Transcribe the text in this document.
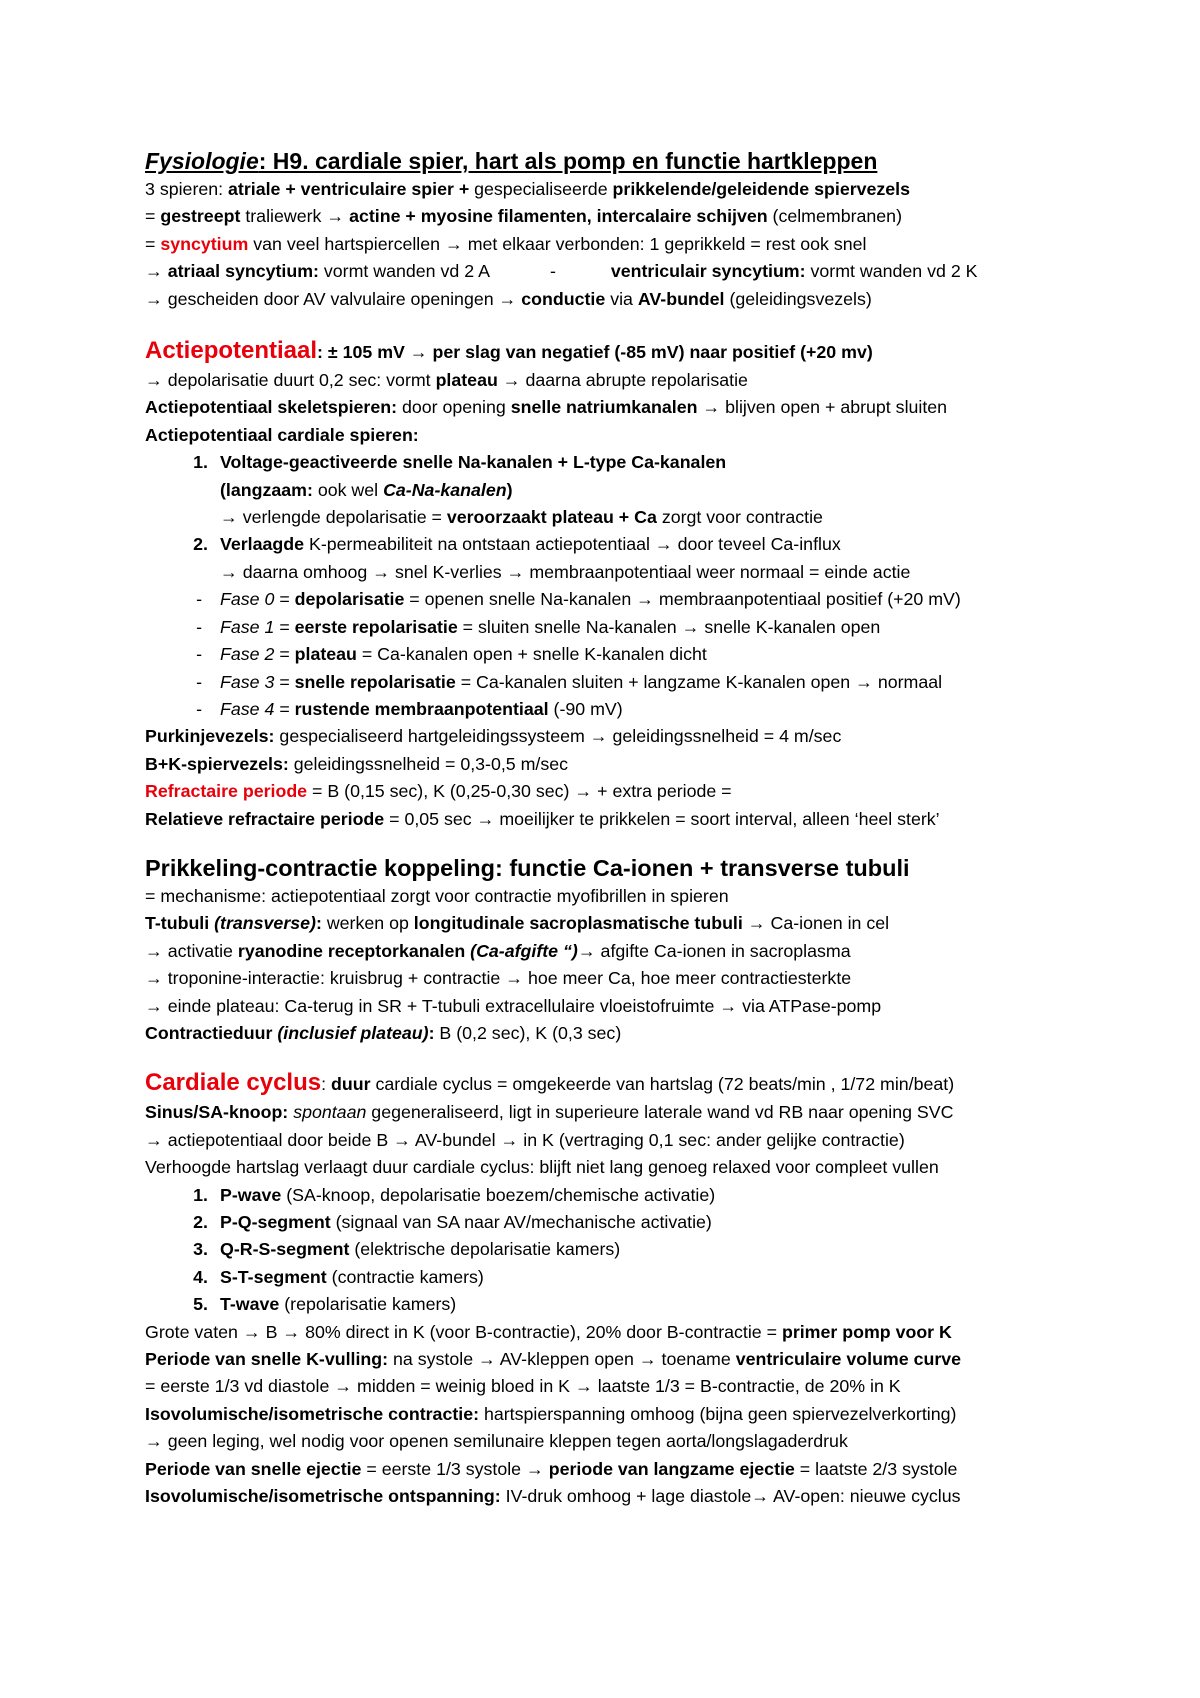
Fysiologie: H9. cardiale spier, hart als pomp en functie hartkleppen
3 spieren: atriale + ventriculaire spier + gespecialiseerde prikkelende/geleidende spiervezels
= gestreept traliewerk → actine + myosine filamenten, intercalaire schijven (celmembranen)
= syncytium van veel hartspiercellen → met elkaar verbonden: 1 geprikkeld = rest ook snel
→ atriaal syncytium: vormt wanden vd 2 A	-	ventriculair syncytium: vormt wanden vd 2 K
→ gescheiden door AV valvulaire openingen → conductie via AV-bundel (geleidingsvezels)
Actiepotentiaal: ± 105 mV → per slag van negatief (-85 mV) naar positief (+20 mv)
→ depolarisatie duurt 0,2 sec: vormt plateau → daarna abrupte repolarisatie
Actiepotentiaal skeletspieren: door opening snelle natriumkanalen → blijven open + abrupt sluiten
Actiepotentiaal cardiale spieren:
1. Voltage-geactiveerde snelle Na-kanalen + L-type Ca-kanalen
(langzaam: ook wel Ca-Na-kanalen)
→ verlengde depolarisatie = veroorzaakt plateau + Ca zorgt voor contractie
2. Verlaagde K-permeabiliteit na ontstaan actiepotentiaal → door teveel Ca-influx
→ daarna omhoog → snel K-verlies → membraanpotentiaal weer normaal = einde actie
- Fase 0 = depolarisatie = openen snelle Na-kanalen → membraanpotentiaal positief (+20 mV)
- Fase 1 = eerste repolarisatie = sluiten snelle Na-kanalen → snelle K-kanalen open
- Fase 2 = plateau = Ca-kanalen open + snelle K-kanalen dicht
- Fase 3 = snelle repolarisatie = Ca-kanalen sluiten + langzame K-kanalen open → normaal
- Fase 4 = rustende membraanpotentiaal (-90 mV)
Purkinjevezels: gespecialiseerd hartgeleidingssysteem → geleidingssnelheid = 4 m/sec
B+K-spiervezels: geleidingssnelheid = 0,3-0,5 m/sec
Refractaire periode = B (0,15 sec), K (0,25-0,30 sec) → + extra periode =
Relatieve refractaire periode = 0,05 sec → moeilijker te prikkelen = soort interval, alleen ‘heel sterk’
Prikkeling-contractie koppeling: functie Ca-ionen + transverse tubuli
= mechanisme: actiepotentiaal zorgt voor contractie myofibrillen in spieren
T-tubuli (transverse): werken op longitudinale sacroplasmatische tubuli → Ca-ionen in cel
→ activatie ryanodine receptorkanalen (Ca-afgifte “)→ afgifte Ca-ionen in sacroplasma
→ troponine-interactie: kruisbrug + contractie → hoe meer Ca, hoe meer contractiesterkte
→ einde plateau: Ca-terug in SR + T-tubuli extracellulaire vloeistofruimte → via ATPase-pomp
Contractieduur (inclusief plateau): B (0,2 sec), K (0,3 sec)
Cardiale cyclus: duur cardiale cyclus = omgekeerde van hartslag (72 beats/min , 1/72 min/beat)
Sinus/SA-knoop: spontaan gegeneraliseerd, ligt in superieure laterale wand vd RB naar opening SVC
→ actiepotentiaal door beide B → AV-bundel → in K (vertraging 0,1 sec: ander gelijke contractie)
Verhoogde hartslag verlaagt duur cardiale cyclus: blijft niet lang genoeg relaxed voor compleet vullen
1. P-wave (SA-knoop, depolarisatie boezem/chemische activatie)
2. P-Q-segment (signaal van SA naar AV/mechanische activatie)
3. Q-R-S-segment (elektrische depolarisatie kamers)
4. S-T-segment (contractie kamers)
5. T-wave (repolarisatie kamers)
Grote vaten → B → 80% direct in K (voor B-contractie), 20% door B-contractie = primer pomp voor K
Periode van snelle K-vulling: na systole → AV-kleppen open → toename ventriculaire volume curve
= eerste 1/3 vd diastole → midden = weinig bloed in K → laatste 1/3 = B-contractie, de 20% in K
Isovolumische/isometrische contractie: hartspierspanning omhoog (bijna geen spiervezelverkorting)
→ geen leging, wel nodig voor openen semilunaire kleppen tegen aorta/longslagaderdruk
Periode van snelle ejectie = eerste 1/3 systole → periode van langzame ejectie = laatste 2/3 systole
Isovolumische/isometrische ontspanning: IV-druk omhoog + lage diastole→ AV-open: nieuwe cyclus
